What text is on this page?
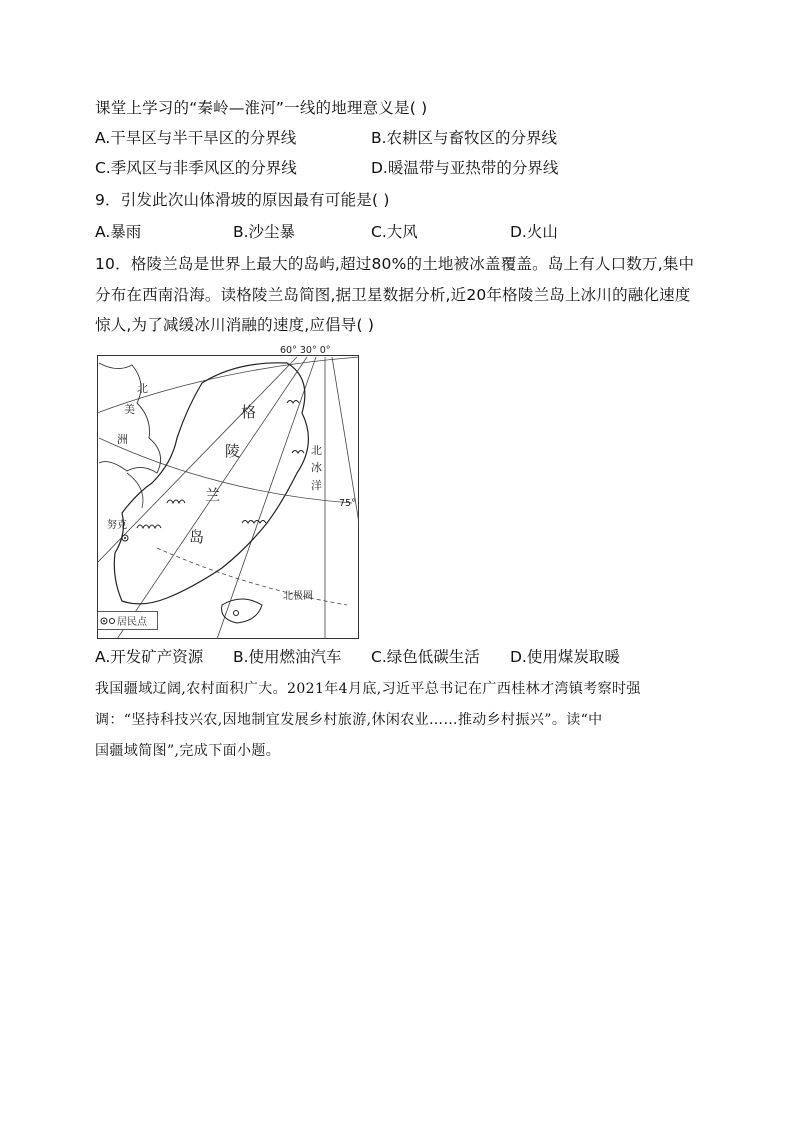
课堂上学习的“秦岭—淮河”一线的地理意义是( )
A.干旱区与半干旱区的分界线	B.农耕区与畜牧区的分界线
C.季风区与非季风区的分界线	D.暖温带与亚热带的分界线
9．引发此次山体滑坡的原因最有可能是( )
A.暴雨	B.沙尘暴	C.大风	D.火山
10．格陵兰岛是世界上最大的岛屿,超过80%的土地被冰盖覆盖。岛上有人口数万,集中
分布在西南沿海。读格陵兰岛简图,据卫星数据分析,近20年格陵兰岛上冰川的融化速度
惊人,为了减缓冰川消融的速度,应倡导( )
60° 30° 0°
75°
北
美
洲
格
陵
兰
岛
北
冰
洋
努克
北极圈
居民点
A.开发矿产资源 B.使用燃油汽车 C.绿色低碳生活 D.使用煤炭取暖
我国疆域辽阔,农村面积广大。2021年4月底,习近平总书记在广西桂林才湾镇考察时强
调：“坚持科技兴农,因地制宜发展乡村旅游,休闲农业……推动乡村振兴”。读“中
国疆域简图”,完成下面小题。
